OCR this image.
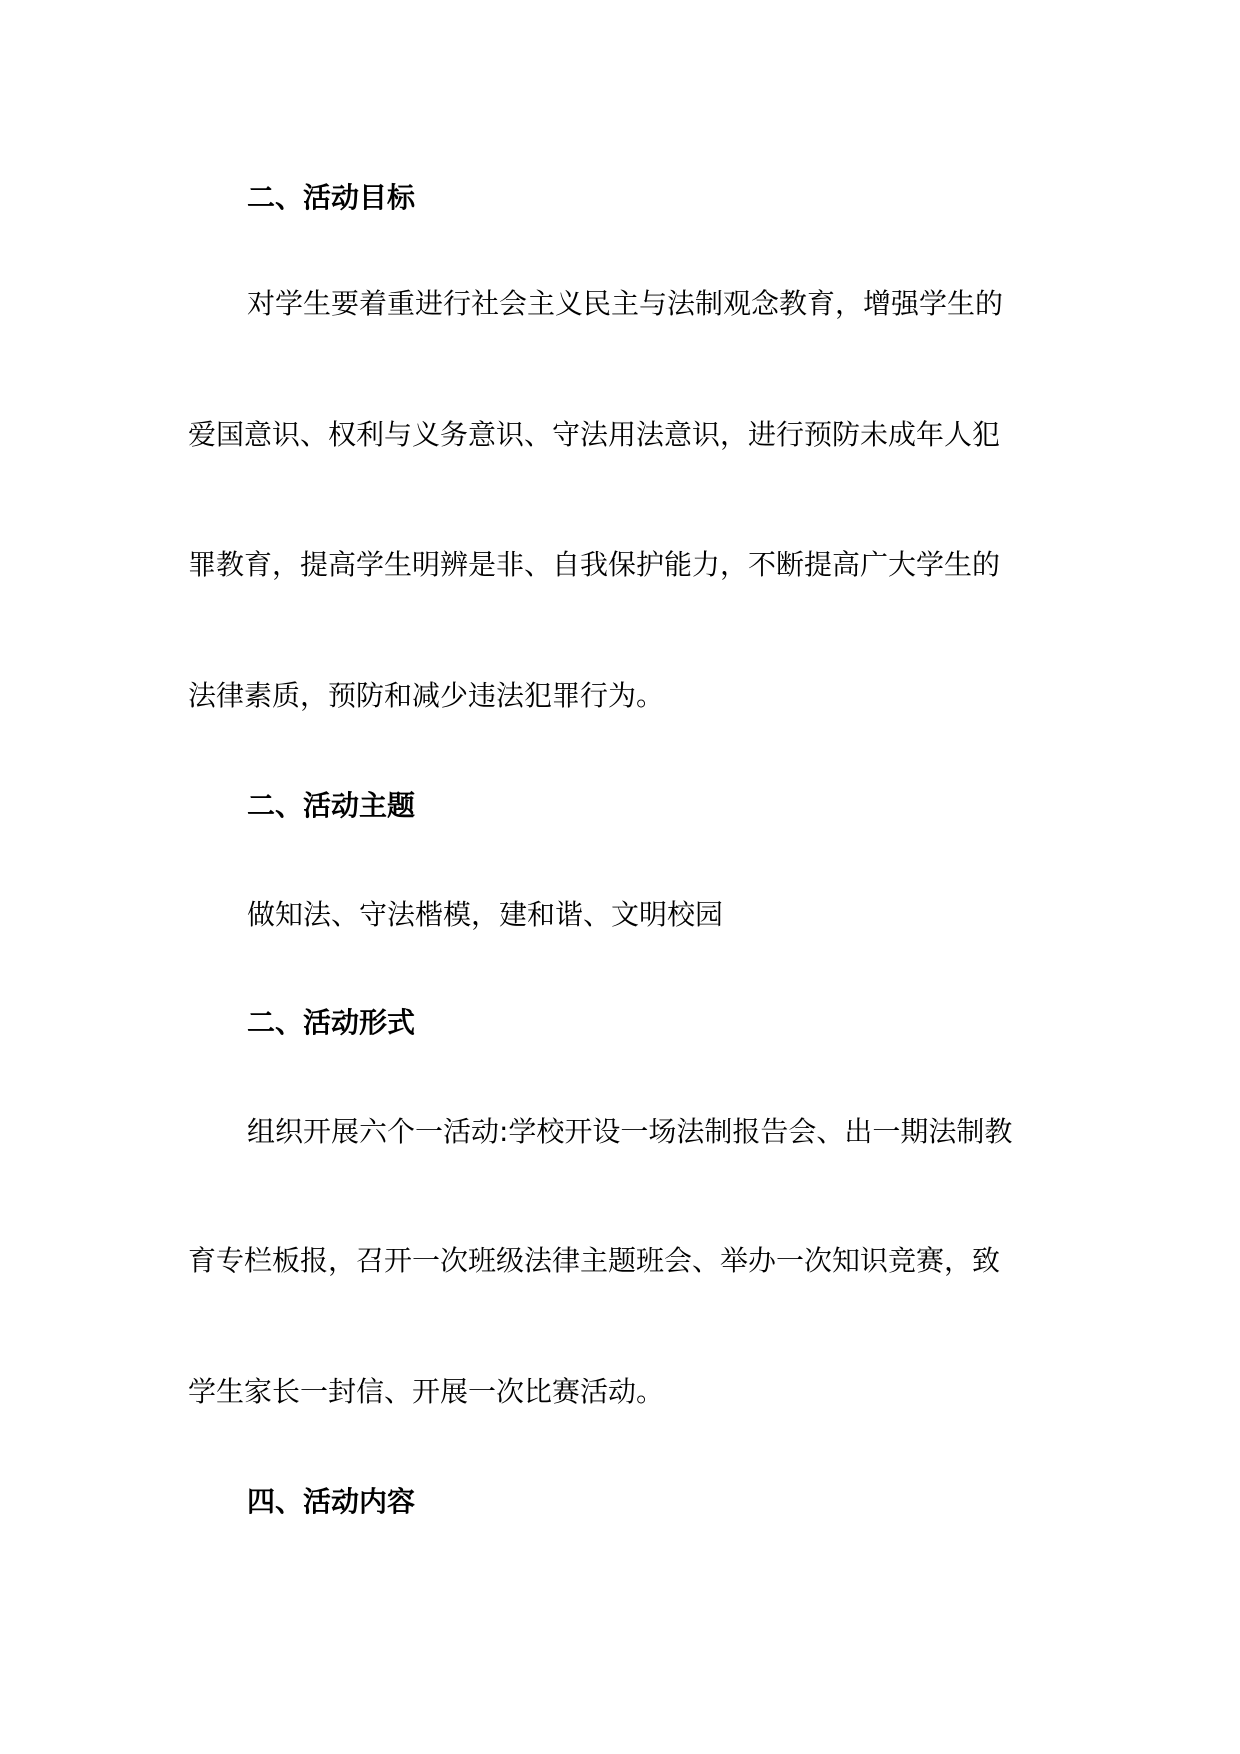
二、活动目标

对学生要着重进行社会主义民主与法制观念教育，增强学生的

爱国意识、权利与义务意识、守法用法意识，进行预防未成年人犯

罪教育，提高学生明辨是非、自我保护能力，不断提高广大学生的

法律素质，预防和减少违法犯罪行为。

二、活动主题

做知法、守法楷模，建和谐、文明校园

二、活动形式

组织开展六个一活动:学校开设一场法制报告会、出一期法制教

育专栏板报，召开一次班级法律主题班会、举办一次知识竞赛，致

学生家长一封信、开展一次比赛活动。

四、活动内容
